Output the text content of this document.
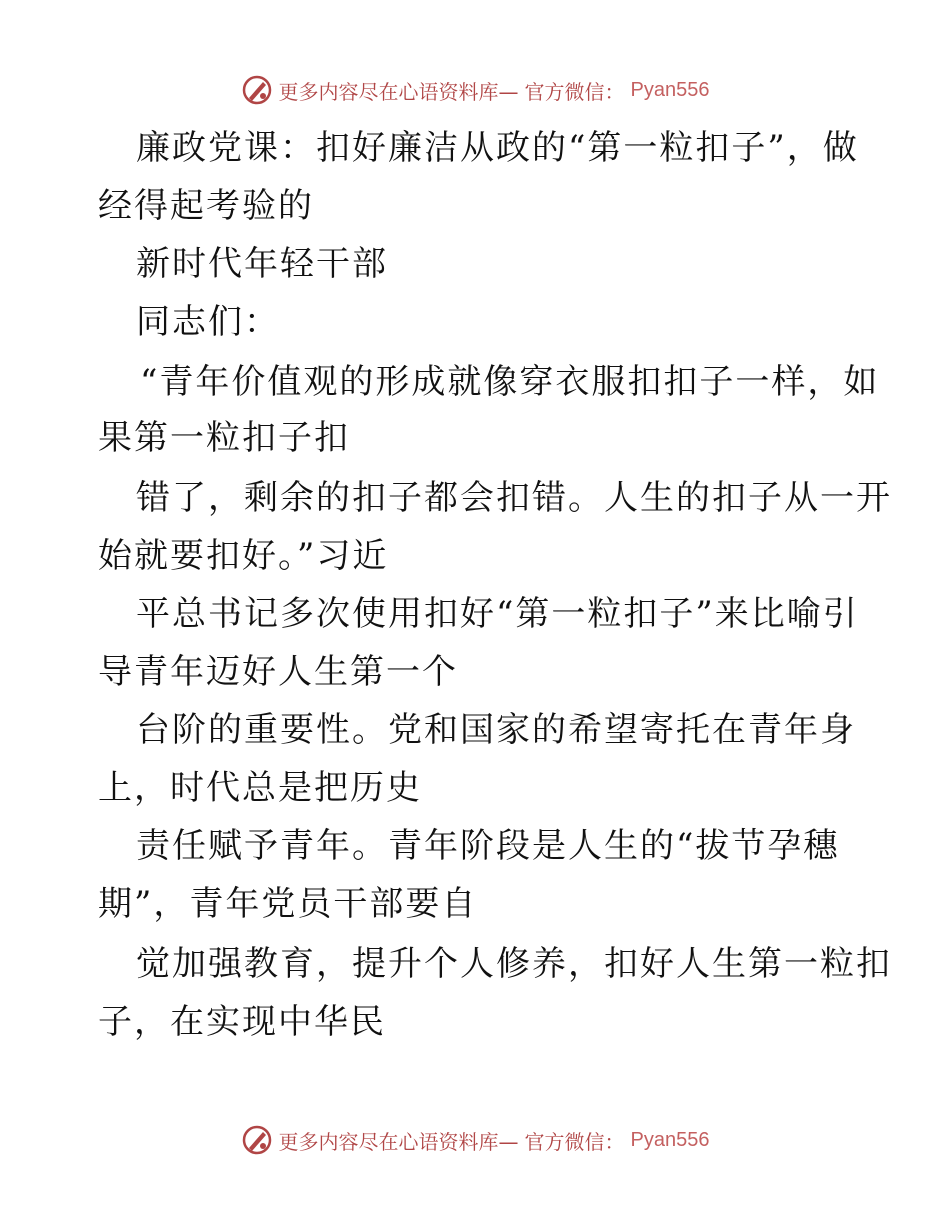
更多内容尽在心语资料库— 官方微信： Pyan556
廉政党课：扣好廉洁从政的“第一粒扣子”，做
经得起考验的
新时代年轻干部
同志们：
“青年价值观的形成就像穿衣服扣扣子一样，如
果第一粒扣子扣
错了，剩余的扣子都会扣错。人生的扣子从一开
始就要扣好。”习近
平总书记多次使用扣好“第一粒扣子”来比喻引
导青年迈好人生第一个
台阶的重要性。党和国家的希望寄托在青年身
上，时代总是把历史
责任赋予青年。青年阶段是人生的“拔节孕穗
期”，青年党员干部要自
觉加强教育，提升个人修养，扣好人生第一粒扣
子，在实现中华民
更多内容尽在心语资料库— 官方微信： Pyan556
